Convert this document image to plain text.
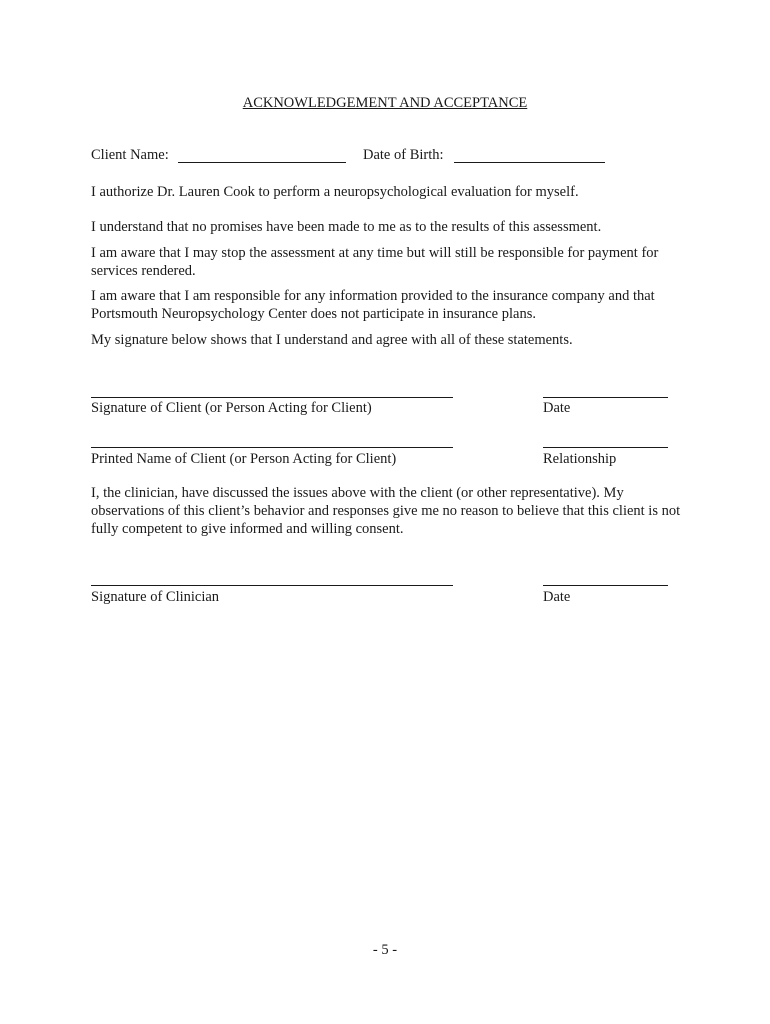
ACKNOWLEDGEMENT AND ACCEPTANCE
Client Name:	Date of Birth:
I authorize Dr. Lauren Cook to perform a neuropsychological evaluation for myself.
I understand that no promises have been made to me as to the results of this assessment.
I am aware that I may stop the assessment at any time but will still be responsible for payment for services rendered.
I am aware that I am responsible for any information provided to the insurance company and that Portsmouth Neuropsychology Center does not participate in insurance plans.
My signature below shows that I understand and agree with all of these statements.
Signature of Client (or Person Acting for Client)	Date
Printed Name of Client (or Person Acting for Client)	Relationship
I, the clinician, have discussed the issues above with the client (or other representative). My observations of this client’s behavior and responses give me no reason to believe that this client is not fully competent to give informed and willing consent.
Signature of Clinician	Date
- 5 -
